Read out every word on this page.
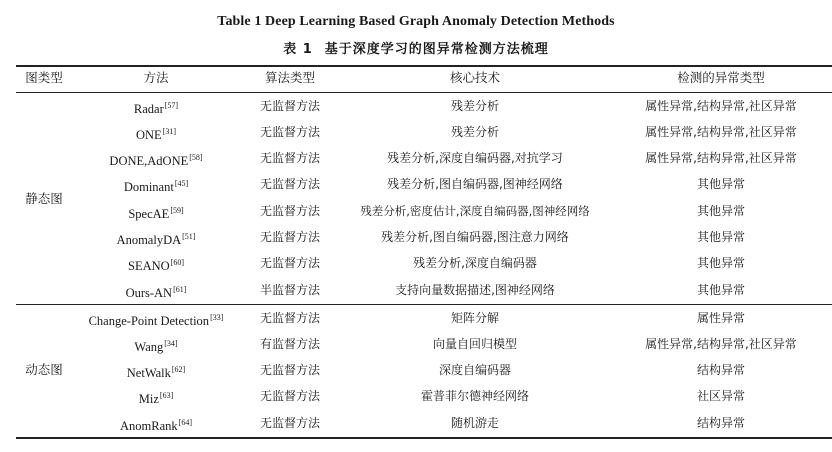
Table 1 Deep Learning Based Graph Anomaly Detection Methods
表 1 基于深度学习的图异常检测方法梳理
图类型	方法	算法类型	核心技术	检测的异常类型
静态图
Radar[57]	无监督方法	残差分析	属性异常,结构异常,社区异常
ONE[31]	无监督方法	残差分析	属性异常,结构异常,社区异常
DONE,AdONE[58]	无监督方法	残差分析,深度自编码器,对抗学习	属性异常,结构异常,社区异常
Dominant[45]	无监督方法	残差分析,图自编码器,图神经网络	其他异常
SpecAE[59]	无监督方法	残差分析,密度估计,深度自编码器,图神经网络	其他异常
AnomalyDA[51]	无监督方法	残差分析,图自编码器,图注意力网络	其他异常
SEANO[60]	无监督方法	残差分析,深度自编码器	其他异常
Ours-AN[61]	半监督方法	支持向量数据描述,图神经网络	其他异常
动态图
Change-Point Detection[33]	无监督方法	矩阵分解	属性异常
Wang[34]	有监督方法	向量自回归模型	属性异常,结构异常,社区异常
NetWalk[62]	无监督方法	深度自编码器	结构异常
Miz[63]	无监督方法	霍普菲尔德神经网络	社区异常
AnomRank[64]	无监督方法	随机游走	结构异常
